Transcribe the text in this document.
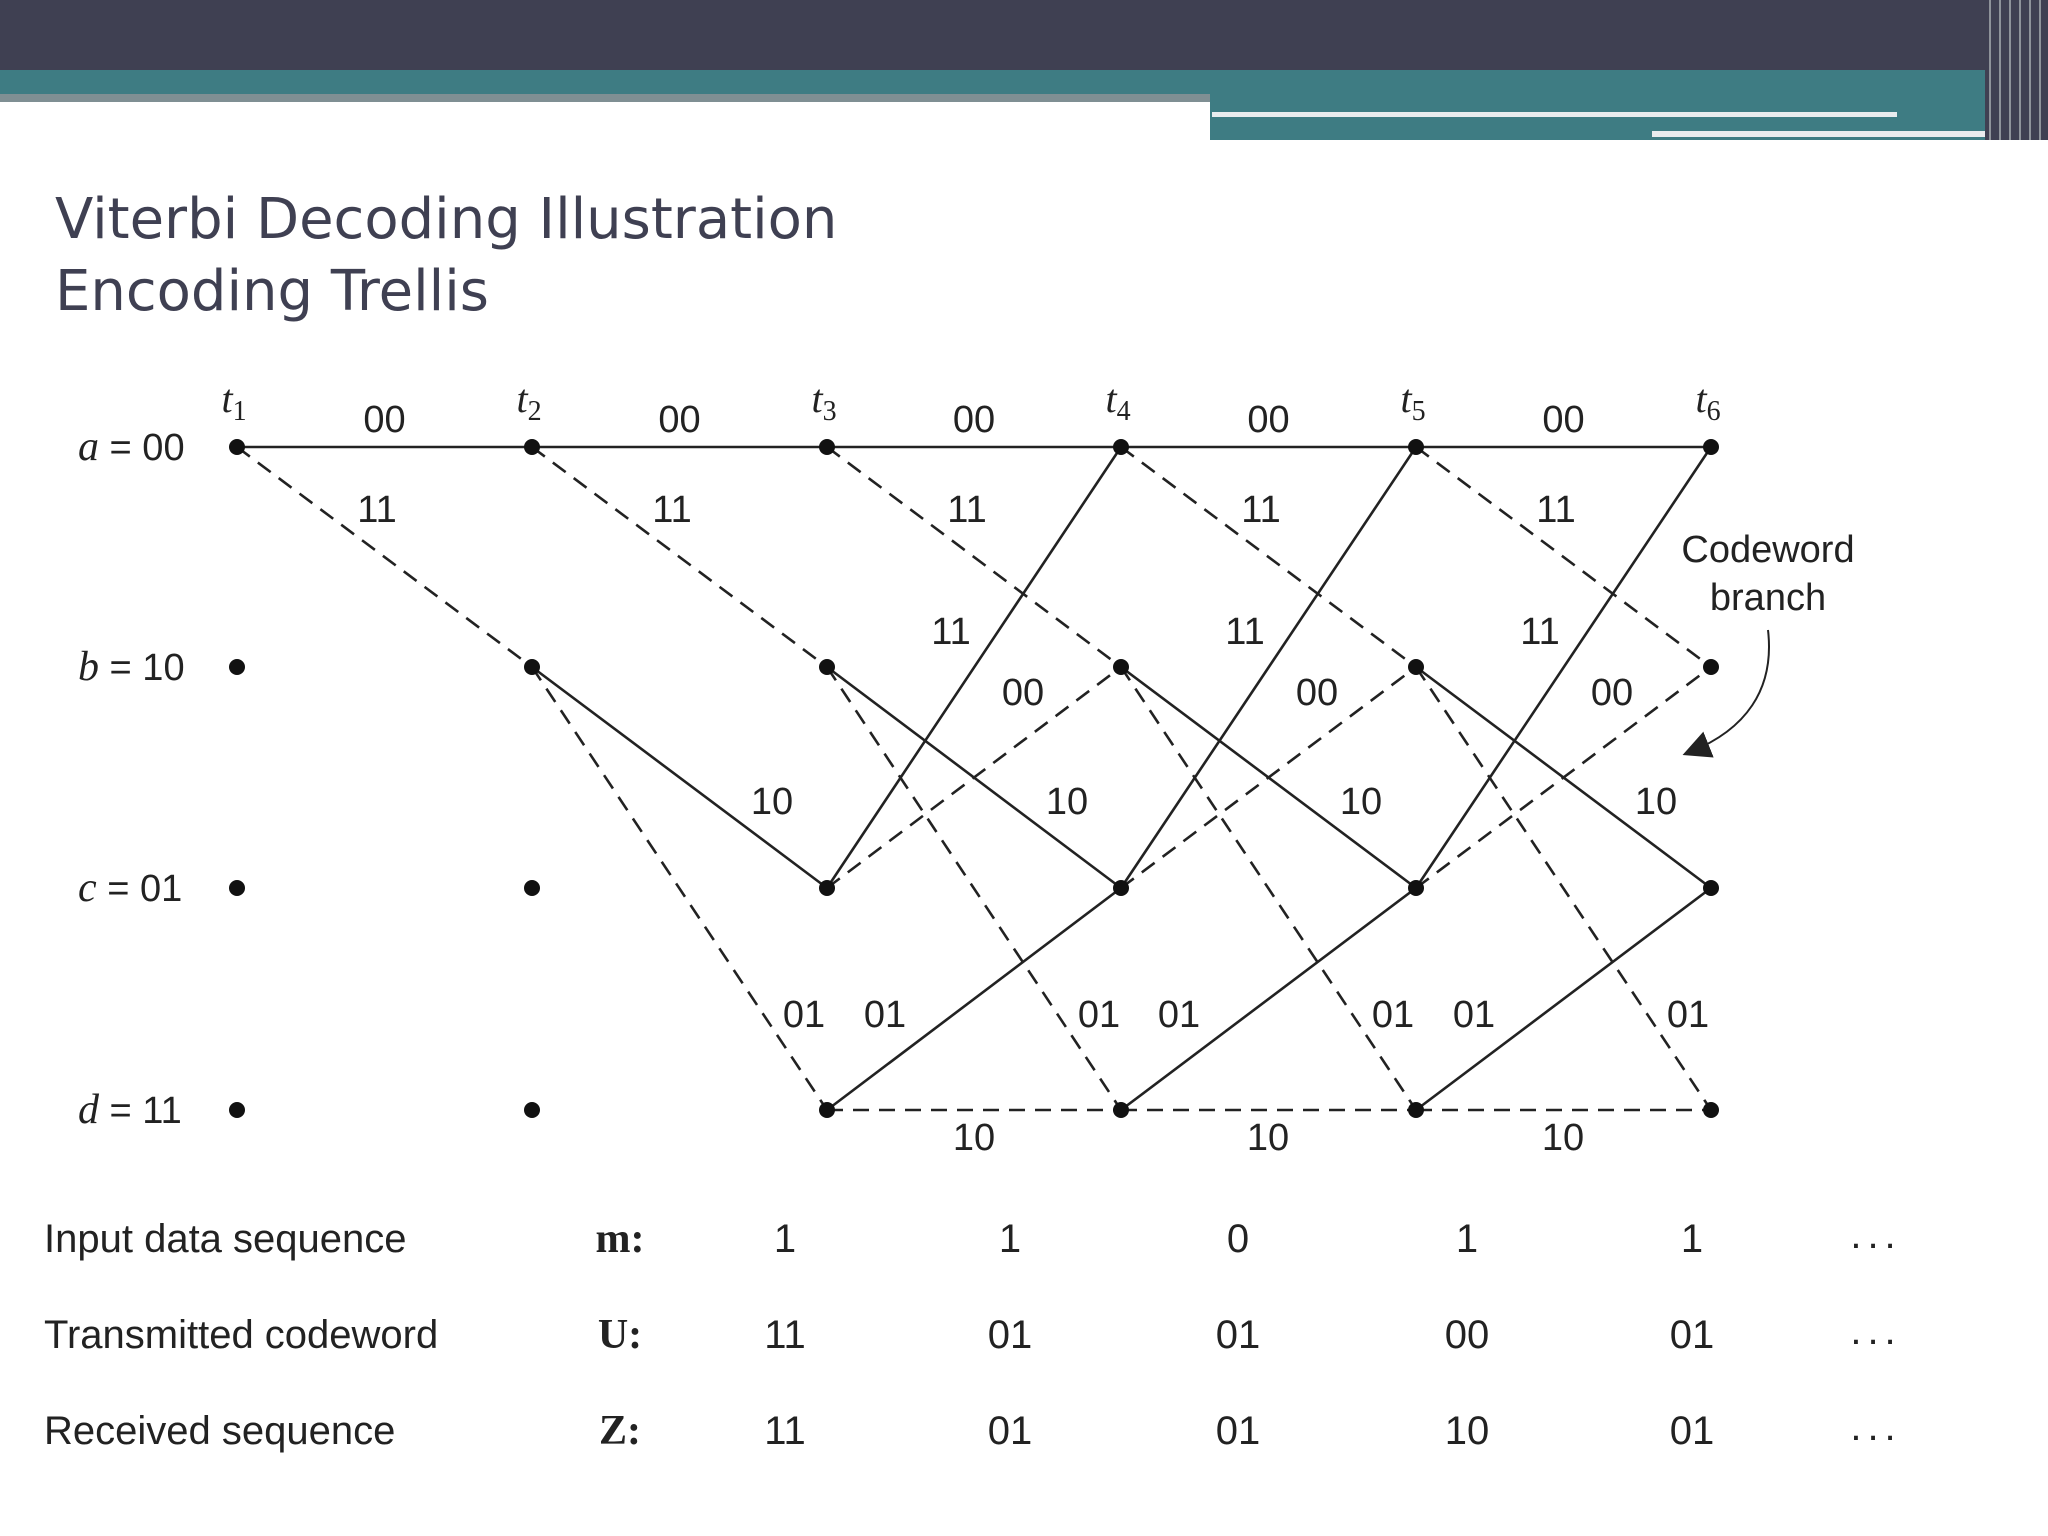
Viterbi Decoding Illustration
Encoding Trellis
00
11
00
11
10
01
00
11
10
01
11
00
01
10
00
11
10
01
11
00
01
10
00
11
10
01
11
00
01
10
$t_1$	$t_2$	$t_3$	$t_4$	$t_5$	$t_6$
a = 00
b = 10
c = 01
d = 11
Codeword
branch
Input data sequence	m:	1	1	0	1	1	...
Transmitted codeword	U:	11	01	01	00	01	...
Received sequence	Z:	11	01	01	10	01	...
